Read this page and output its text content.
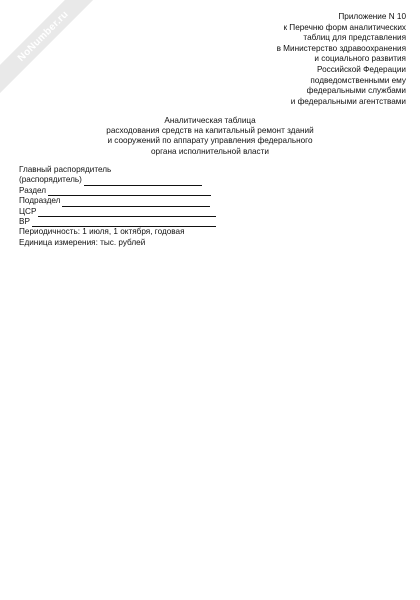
NoNumber.ru	Приложение N 10
к Перечню форм аналитических
таблиц для представления
в Министерство здравоохранения
и социального развития
Российской Федерации
подведомственными ему
федеральными службами
и федеральными агентствами
Аналитическая таблица
расходования средств на капитальный ремонт зданий
и сооружений по аппарату управления федерального
органа исполнительной власти
Главный распорядитель
(распорядитель)
Раздел
Подраздел
ЦСР
ВР
Периодичность: 1 июля, 1 октября, годовая
Единица измерения: тыс. рублей
